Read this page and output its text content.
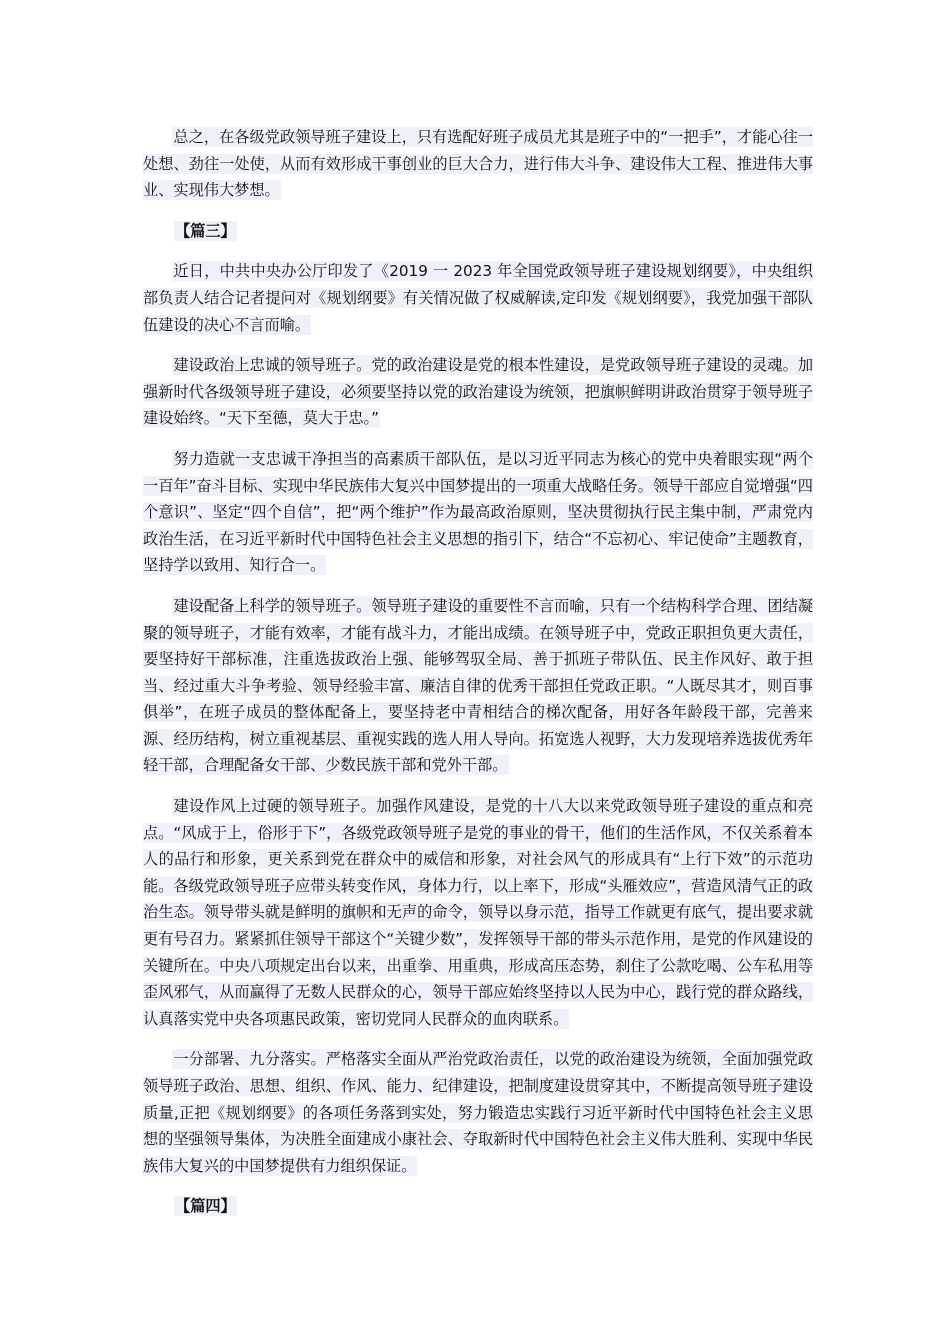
总之，在各级党政领导班子建设上，只有选配好班子成员尤其是班子中的“一把手”，才能心往一处想、劲往一处使，从而有效形成干事创业的巨大合力，进行伟大斗争、建设伟大工程、推进伟大事业、实现伟大梦想。

【篇三】

近日，中共中央办公厅印发了《2019 一 2023 年全国党政领导班子建设规划纲要》，中央组织部负责人结合记者提问对《规划纲要》有关情况做了权威解读,定印发《规划纲要》，我党加强干部队伍建设的决心不言而喻。

建设政治上忠诚的领导班子。党的政治建设是党的根本性建设，是党政领导班子建设的灵魂。加强新时代各级领导班子建设，必须要坚持以党的政治建设为统领，把旗帜鲜明讲政治贯穿于领导班子建设始终。“天下至德，莫大于忠。”

努力造就一支忠诚干净担当的高素质干部队伍，是以习近平同志为核心的党中央着眼实现“两个一百年”奋斗目标、实现中华民族伟大复兴中国梦提出的一项重大战略任务。领导干部应自觉增强“四个意识”、坚定“四个自信”，把“两个维护”作为最高政治原则，坚决贯彻执行民主集中制，严肃党内政治生活，在习近平新时代中国特色社会主义思想的指引下，结合“不忘初心、牢记使命”主题教育，坚持学以致用、知行合一。

建设配备上科学的领导班子。领导班子建设的重要性不言而喻，只有一个结构科学合理、团结凝聚的领导班子，才能有效率，才能有战斗力，才能出成绩。在领导班子中，党政正职担负更大责任，要坚持好干部标准，注重选拔政治上强、能够驾驭全局、善于抓班子带队伍、民主作风好、敢于担当、经过重大斗争考验、领导经验丰富、廉洁自律的优秀干部担任党政正职。“人既尽其才，则百事俱举”，在班子成员的整体配备上，要坚持老中青相结合的梯次配备，用好各年龄段干部，完善来源、经历结构，树立重视基层、重视实践的选人用人导向。拓宽选人视野，大力发现培养选拔优秀年轻干部，合理配备女干部、少数民族干部和党外干部。

建设作风上过硬的领导班子。加强作风建设，是党的十八大以来党政领导班子建设的重点和亮点。“风成于上，俗形于下”，各级党政领导班子是党的事业的骨干，他们的生活作风，不仅关系着本人的品行和形象，更关系到党在群众中的威信和形象，对社会风气的形成具有“上行下效”的示范功能。各级党政领导班子应带头转变作风，身体力行，以上率下，形成“头雁效应”，营造风清气正的政治生态。领导带头就是鲜明的旗帜和无声的命令，领导以身示范，指导工作就更有底气，提出要求就更有号召力。紧紧抓住领导干部这个“关键少数”，发挥领导干部的带头示范作用，是党的作风建设的关键所在。中央八项规定出台以来，出重拳、用重典，形成高压态势，刹住了公款吃喝、公车私用等歪风邪气，从而赢得了无数人民群众的心，领导干部应始终坚持以人民为中心，践行党的群众路线，认真落实党中央各项惠民政策，密切党同人民群众的血肉联系。

一分部署、九分落实。严格落实全面从严治党政治责任，以党的政治建设为统领，全面加强党政领导班子政治、思想、组织、作风、能力、纪律建设，把制度建设贯穿其中，不断提高领导班子建设质量,正把《规划纲要》的各项任务落到实处，努力锻造忠实践行习近平新时代中国特色社会主义思想的坚强领导集体，为决胜全面建成小康社会、夺取新时代中国特色社会主义伟大胜利、实现中华民族伟大复兴的中国梦提供有力组织保证。

【篇四】
